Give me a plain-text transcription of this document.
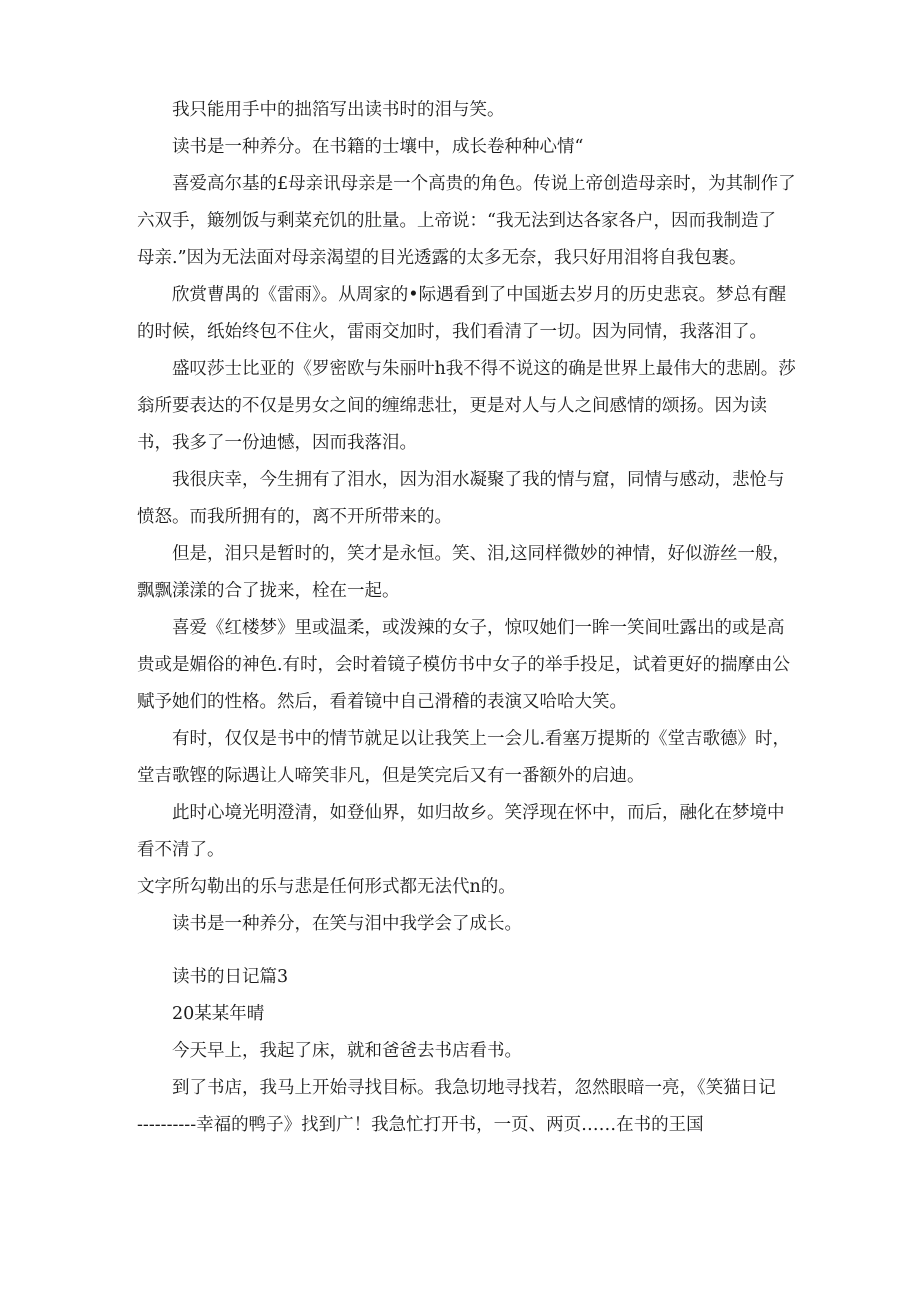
我只能用手中的拙箔写出读书时的泪与笑。

读书是一种养分。在书籍的士壤中，成长卷种种心情“

喜爱高尔基的£母亲讯母亲是一个高贵的角色。传说上帝创造母亲时，为其制作了

六双手，簸刎饭与剩菜充饥的肚量。上帝说：“我无法到达各家各户，因而我制造了

母亲.”因为无法面对母亲渴望的目光透露的太多无奈，我只好用泪将自我包裹。

欣赏曹禺的《雷雨》。从周家的•际遇看到了中国逝去岁月的历史悲哀。梦总有醒

的时候，纸始终包不住火，雷雨交加时，我们看清了一切。因为同情，我落泪了。

盛叹莎士比亚的《罗密欧与朱丽叶h我不得不说这的确是世界上最伟大的悲剧。莎

翁所要表达的不仅是男女之间的缠绵悲壮，更是对人与人之间感情的颂扬。因为读

书，我多了一份迪憾，因而我落泪。

我很庆幸，今生拥有了泪水，因为泪水凝聚了我的情与窟，同情与感动，悲怆与

愤怒。而我所拥有的，离不开所带来的。

但是，泪只是暂时的，笑才是永恒。笑、泪,这同样微妙的神情，好似游丝一般，

飘飘漾漾的合了拢来，栓在一起。

喜爱《红楼梦》里或温柔，或泼辣的女子，惊叹她们一眸一笑间吐露出的或是高

贵或是媚俗的神色.有时，会时着镜子模仿书中女子的举手投足，试着更好的揣摩由公

赋予她们的性格。然后，看着镜中自己滑稽的表演又哈哈大笑。

有时，仅仅是书中的情节就足以让我笑上一会儿.看塞万提斯的《堂吉歌德》时，

堂吉歌铿的际遇让人啼笑非凡，但是笑完后又有一番额外的启迪。

此时心境光明澄清，如登仙界，如归故乡。笑浮现在怀中，而后，融化在梦境中

看不清了。

文字所勾勒出的乐与悲是任何形式都无法代n的。

读书是一种养分，在笑与泪中我学会了成长。

读书的日记篇3

20某某年晴

今天早上，我起了床，就和爸爸去书店看书。

到了书店，我马上开始寻找目标。我急切地寻找若，忽然眼暗一亮，《笑猫日记

----------幸福的鸭子》找到广！我急忙打开书，一页、两页……在书的王国
